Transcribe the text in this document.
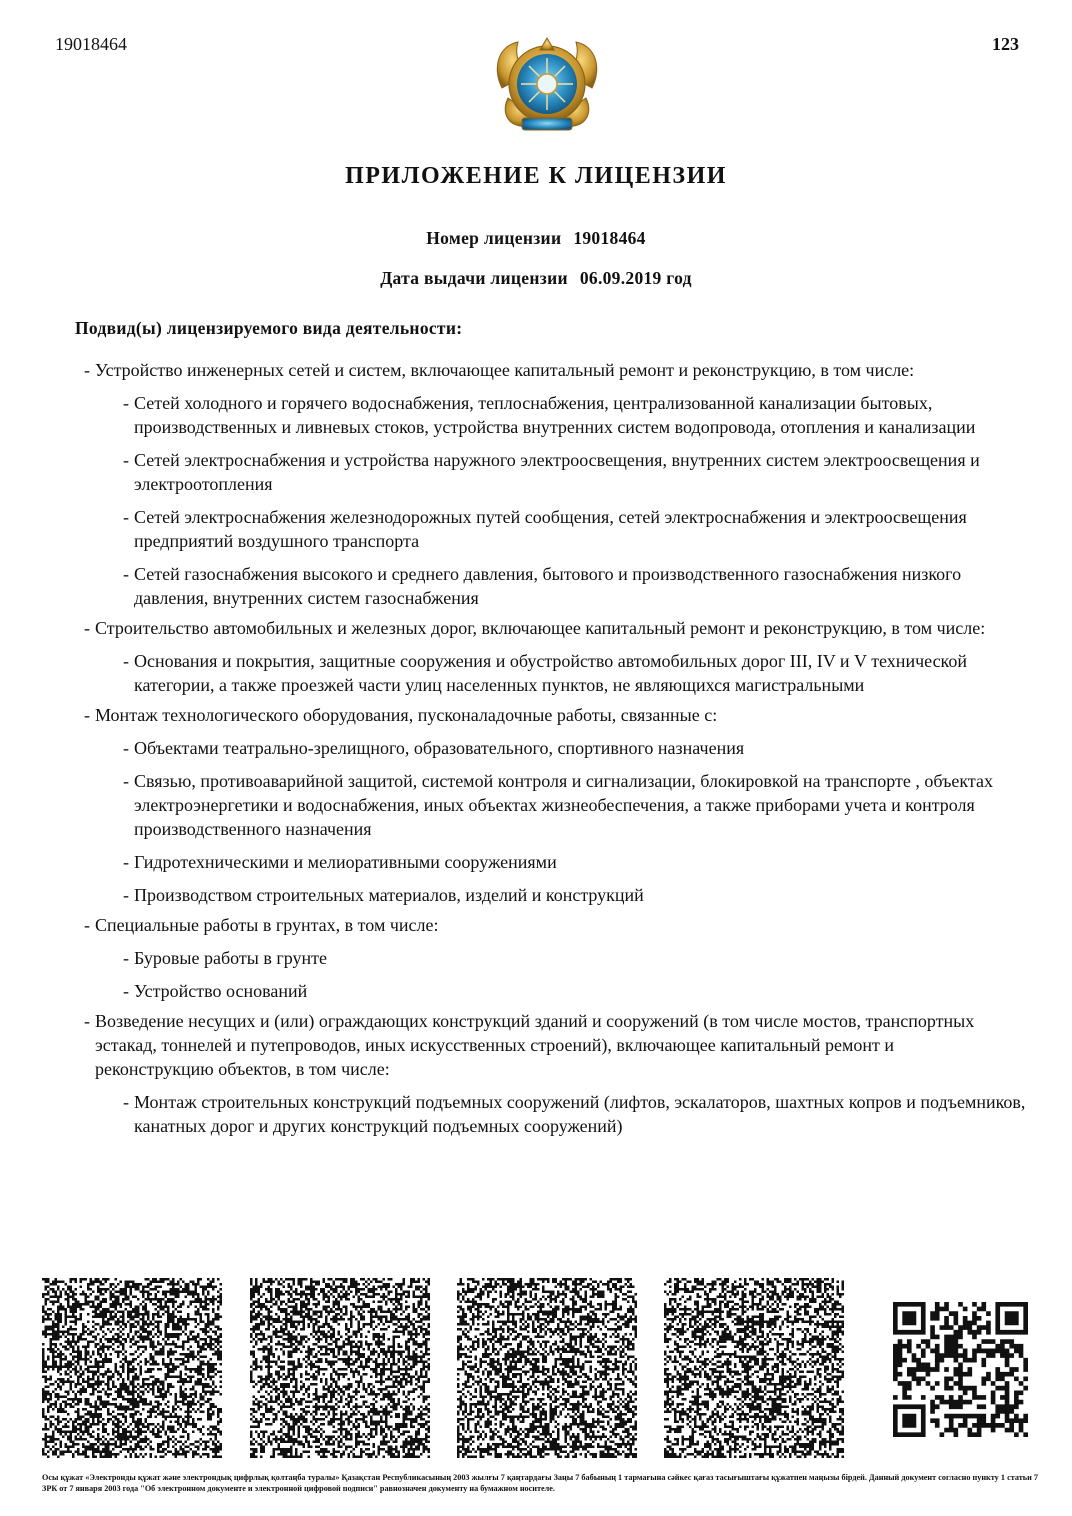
19018464	123
ПРИЛОЖЕНИЕ К ЛИЦЕНЗИИ
Номер лицензии 19018464
Дата выдачи лицензии 06.09.2019 год
Подвид(ы) лицензируемого вида деятельности:
- Устройство инженерных сетей и систем, включающее капитальный ремонт и реконструкцию, в том числе:
- Сетей холодного и горячего водоснабжения, теплоснабжения, централизованной канализации бытовых, производственных и ливневых стоков, устройства внутренних систем водопровода, отопления и канализации
- Сетей электроснабжения и устройства наружного электроосвещения, внутренних систем электроосвещения и электроотопления
- Сетей электроснабжения железнодорожных путей сообщения, сетей электроснабжения и электроосвещения предприятий воздушного транспорта
- Сетей газоснабжения высокого и среднего давления, бытового и производственного газоснабжения низкого давления, внутренних систем газоснабжения
- Строительство автомобильных и железных дорог, включающее капитальный ремонт и реконструкцию, в том числе:
- Основания и покрытия, защитные сооружения и обустройство автомобильных дорог III, IV и V технической категории, а также проезжей части улиц населенных пунктов, не являющихся магистральными
- Монтаж технологического оборудования, пусконаладочные работы, связанные с:
- Объектами театрально-зрелищного, образовательного, спортивного назначения
- Связью, противоаварийной защитой, системой контроля и сигнализации, блокировкой на транспорте , объектах электроэнергетики и водоснабжения, иных объектах жизнеобеспечения, а также приборами учета и контроля производственного назначения
- Гидротехническими и мелиоративными сооружениями
- Производством строительных материалов, изделий и конструкций
- Специальные работы в грунтах, в том числе:
- Буровые работы в грунте
- Устройство оснований
- Возведение несущих и (или) ограждающих конструкций зданий и сооружений (в том числе мостов, транспортных эстакад, тоннелей и путепроводов, иных искусственных строений), включающее капитальный ремонт и реконструкцию объектов, в том числе:
- Монтаж строительных конструкций подъемных сооружений (лифтов, эскалаторов, шахтных копров и подъемников, канатных дорог и других конструкций подъемных сооружений)
Осы құжат «Электронды құжат және электрондық цифрлық қолтаңба туралы» Қазақстан Республикасының 2003 жылғы 7 қаңтардағы Заңы 7 бабының 1 тармағына сәйкес қағаз тасығыштағы құжатпен маңызы бірдей. Данный документ согласно пункту 1 статьи 7 ЗРК от 7 января 2003 года "Об электронном документе и электронной цифровой подписи" равнозначен документу на бумажном носителе.
